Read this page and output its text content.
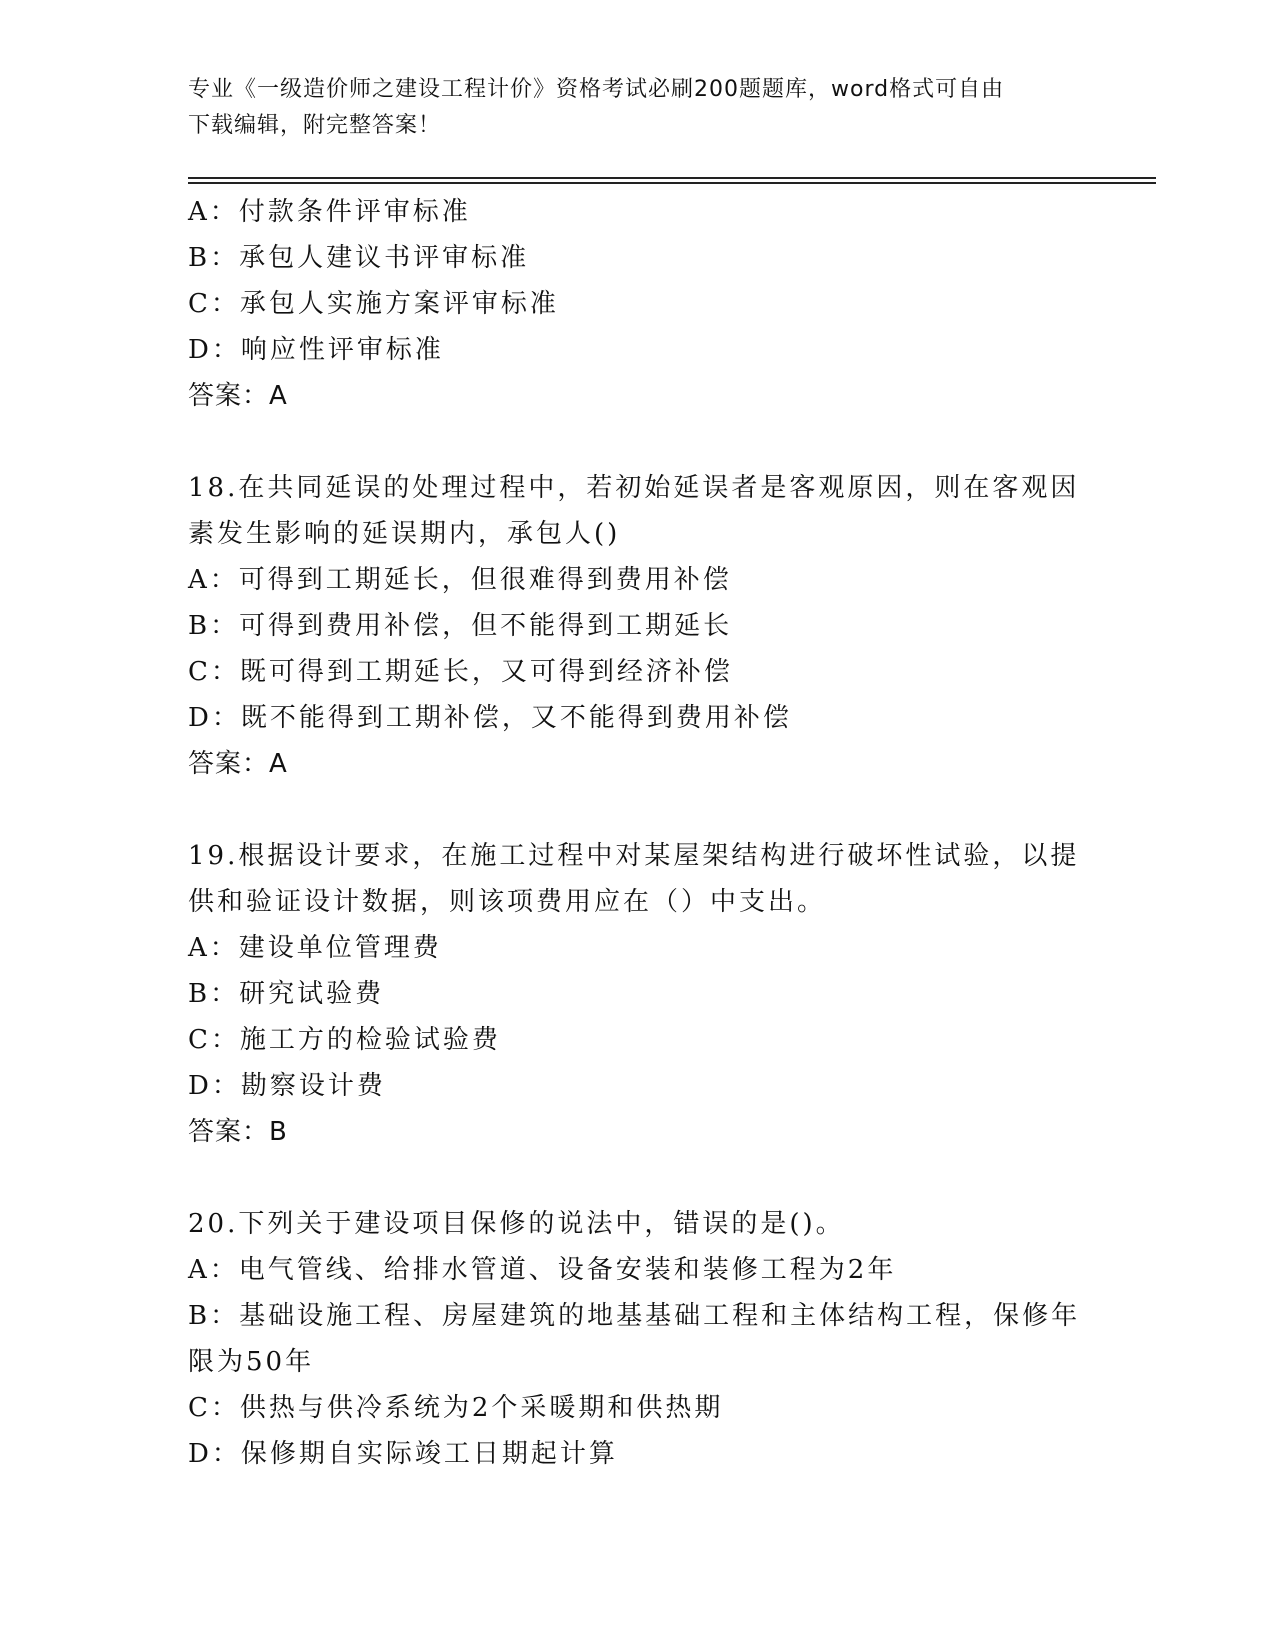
专业《一级造价师之建设工程计价》资格考试必刷200题题库，word格式可自由
下载编辑，附完整答案！
A：付款条件评审标准
B：承包人建议书评审标准
C：承包人实施方案评审标准
D：响应性评审标准
答案：A
18.在共同延误的处理过程中，若初始延误者是客观原因，则在客观因
素发生影响的延误期内，承包人()
A：可得到工期延长，但很难得到费用补偿
B：可得到费用补偿，但不能得到工期延长
C：既可得到工期延长，又可得到经济补偿
D：既不能得到工期补偿，又不能得到费用补偿
答案：A
19.根据设计要求，在施工过程中对某屋架结构进行破坏性试验，以提
供和验证设计数据，则该项费用应在（）中支出。
A：建设单位管理费
B：研究试验费
C：施工方的检验试验费
D：勘察设计费
答案：B
20.下列关于建设项目保修的说法中，错误的是()。
A：电气管线、给排水管道、设备安装和装修工程为2年
B：基础设施工程、房屋建筑的地基基础工程和主体结构工程，保修年
限为50年
C：供热与供冷系统为2个采暖期和供热期
D：保修期自实际竣工日期起计算
